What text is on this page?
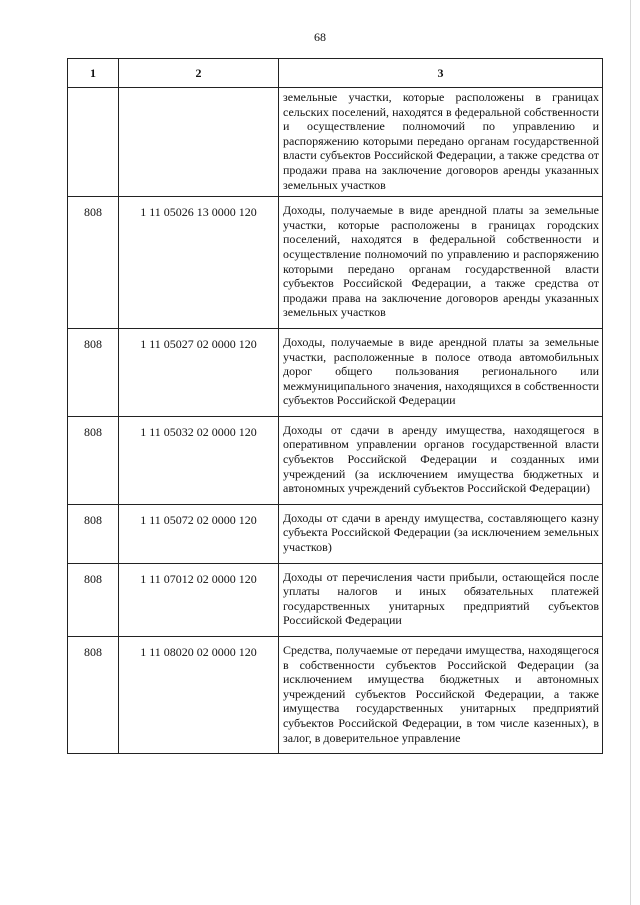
68
1	2	3
		земельные участки, которые расположены в границах сельских поселений, находятся в федеральной собственности и осуществление полномочий по управлению и распоряжению которыми передано органам государственной власти субъектов Российской Федерации, а также средства от продажи права на заключение договоров аренды указанных земельных участков
808	1 11 05026 13 0000 120	Доходы, получаемые в виде арендной платы за земельные участки, которые расположены в границах городских поселений, находятся в федеральной собственности и осуществление полномочий по управлению и распоряжению которыми передано органам государственной власти субъектов Российской Федерации, а также средства от продажи права на заключение договоров аренды указанных земельных участков
808	1 11 05027 02 0000 120	Доходы, получаемые в виде арендной платы за земельные участки, расположенные в полосе отвода автомобильных дорог общего пользования регионального или межмуниципального значения, находящихся в собственности субъектов Российской Федерации
808	1 11 05032 02 0000 120	Доходы от сдачи в аренду имущества, находящегося в оперативном управлении органов государственной власти субъектов Российской Федерации и созданных ими учреждений (за исключением имущества бюджетных и автономных учреждений субъектов Российской Федерации)
808	1 11 05072 02 0000 120	Доходы от сдачи в аренду имущества, составляющего казну субъекта Российской Федерации (за исключением земельных участков)
808	1 11 07012 02 0000 120	Доходы от перечисления части прибыли, остающейся после уплаты налогов и иных обязательных платежей государственных унитарных предприятий субъектов Российской Федерации
808	1 11 08020 02 0000 120	Средства, получаемые от передачи имущества, находящегося в собственности субъектов Российской Федерации (за исключением имущества бюджетных и автономных учреждений субъектов Российской Федерации, а также имущества государственных унитарных предприятий субъектов Российской Федерации, в том числе казенных), в залог, в доверительное управление
